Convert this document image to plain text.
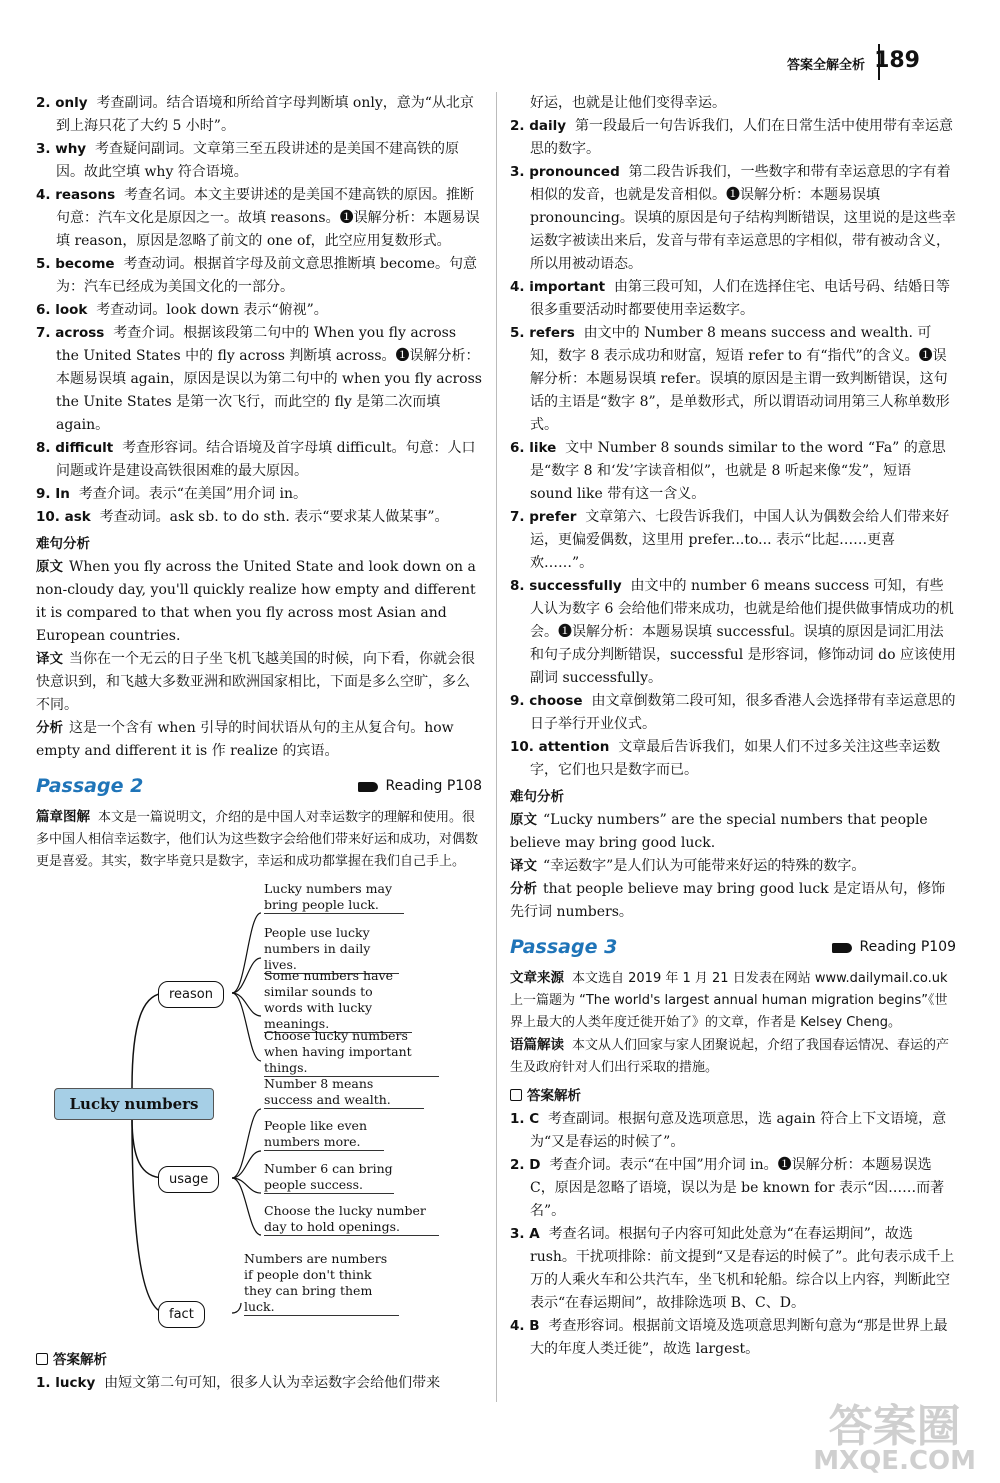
答案全解全析 189

2. only 考查副词。结合语境和所给首字母判断填 only，意为“从北京到上海只花了大约 5 小时”。

3. why 考查疑问副词。文章第三至五段讲述的是美国不建高铁的原因。故此空填 why 符合语境。

4. reasons 考查名词。本文主要讲述的是美国不建高铁的原因。推断句意：汽车文化是原因之一。故填 reasons。❶误解分析：本题易误填 reason，原因是忽略了前文的 one of，此空应用复数形式。

5. become 考查动词。根据首字母及前文意思推断填 become。句意为：汽车已经成为美国文化的一部分。

6. look 考查动词。look down 表示“俯视”。

7. across 考查介词。根据该段第二句中的 When you fly across the United States 中的 fly across 判断填 across。❶误解分析：本题易误填 again，原因是误以为第二句中的 when you fly across the Unite States 是第一次飞行，而此空的 fly 是第二次而填 again。

8. difficult 考查形容词。结合语境及首字母填 difficult。句意：人口问题或许是建设高铁很困难的最大原因。

9. In 考查介词。表示“在美国”用介词 in。

10. ask 考查动词。ask sb. to do sth. 表示“要求某人做某事”。

难句分析

原文 When you fly across the United State and look down on a non-cloudy day, you'll quickly realize how empty and different it is compared to that when you fly across most Asian and European countries.

译文 当你在一个无云的日子坐飞机飞越美国的时候，向下看，你就会很快意识到，和飞越大多数亚洲和欧洲国家相比，下面是多么空旷，多么不同。

分析 这是一个含有 when 引导的时间状语从句的主从复合句。how empty and different it is 作 realize 的宾语。

Passage 2	Reading P108

篇章图解 本文是一篇说明文，介绍的是中国人对幸运数字的理解和使用。很多中国人相信幸运数字，他们认为这些数字会给他们带来好运和成功，对偶数更是喜爱。其实，数字毕竟只是数字，幸运和成功都掌握在我们自己手上。

Lucky numbers
reason
usage
fact
Lucky numbers may bring people luck.
People use lucky numbers in daily lives.
Some numbers have similar sounds to words with lucky meanings.
Choose lucky numbers when having important things.
Number 8 means success and wealth.
People like even numbers more.
Number 6 can bring people success.
Choose the lucky number day to hold openings.
Numbers are numbers if people don't think they can bring them luck.

答案解析

1. lucky 由短文第二句可知，很多人认为幸运数字会给他们带来

好运，也就是让他们变得幸运。

2. daily 第一段最后一句告诉我们，人们在日常生活中使用带有幸运意思的数字。

3. pronounced 第二段告诉我们，一些数字和带有幸运意思的字有着相似的发音，也就是发音相似。❶误解分析：本题易误填 pronouncing。误填的原因是句子结构判断错误，这里说的是这些幸运数字被读出来后，发音与带有幸运意思的字相似，带有被动含义，所以用被动语态。

4. important 由第三段可知，人们在选择住宅、电话号码、结婚日等很多重要活动时都要使用幸运数字。

5. refers 由文中的 Number 8 means success and wealth. 可知，数字 8 表示成功和财富，短语 refer to 有“指代”的含义。❶误解分析：本题易误填 refer。误填的原因是主谓一致判断错误，这句话的主语是“数字 8”，是单数形式，所以谓语动词用第三人称单数形式。

6. like 文中 Number 8 sounds similar to the word “Fa” 的意思是“数字 8 和‘发’字读音相似”，也就是 8 听起来像“发”，短语 sound like 带有这一含义。

7. prefer 文章第六、七段告诉我们，中国人认为偶数会给人们带来好运，更偏爱偶数，这里用 prefer...to... 表示“比起……更喜欢……”。

8. successfully 由文中的 number 6 means success 可知，有些人认为数字 6 会给他们带来成功，也就是给他们提供做事情成功的机会。❶误解分析：本题易误填 successful。误填的原因是词汇用法和句子成分判断错误，successful 是形容词，修饰动词 do 应该使用副词 successfully。

9. choose 由文章倒数第二段可知，很多香港人会选择带有幸运意思的日子举行开业仪式。

10. attention 文章最后告诉我们，如果人们不过多关注这些幸运数字，它们也只是数字而已。

难句分析

原文 “Lucky numbers” are the special numbers that people believe may bring good luck.

译文 “幸运数字”是人们认为可能带来好运的特殊的数字。

分析 that people believe may bring good luck 是定语从句，修饰先行词 numbers。

Passage 3	Reading P109

文章来源 本文选自 2019 年 1 月 21 日发表在网站 www.dailymail.co.uk 上一篇题为 “The world's largest annual human migration begins”《世界上最大的人类年度迁徙开始了》的文章，作者是 Kelsey Cheng。

语篇解读 本文从人们回家与家人团聚说起，介绍了我国春运情况、春运的产生及政府针对人们出行采取的措施。

答案解析

1. C 考查副词。根据句意及选项意思，选 again 符合上下文语境，意为“又是春运的时候了”。

2. D 考查介词。表示“在中国”用介词 in。❶误解分析：本题易误选 C，原因是忽略了语境，误以为是 be known for 表示“因……而著名”。

3. A 考查名词。根据句子内容可知此处意为“在春运期间”，故选 rush。干扰项排除：前文提到“又是春运的时候了”。此句表示成千上万的人乘火车和公共汽车，坐飞机和轮船。综合以上内容，判断此空表示“在春运期间”，故排除选项 B、C、D。

4. B 考查形容词。根据前文语境及选项意思判断句意为“那是世界上最大的年度人类迁徙”，故选 largest。

答案圈
MXQE.COM
